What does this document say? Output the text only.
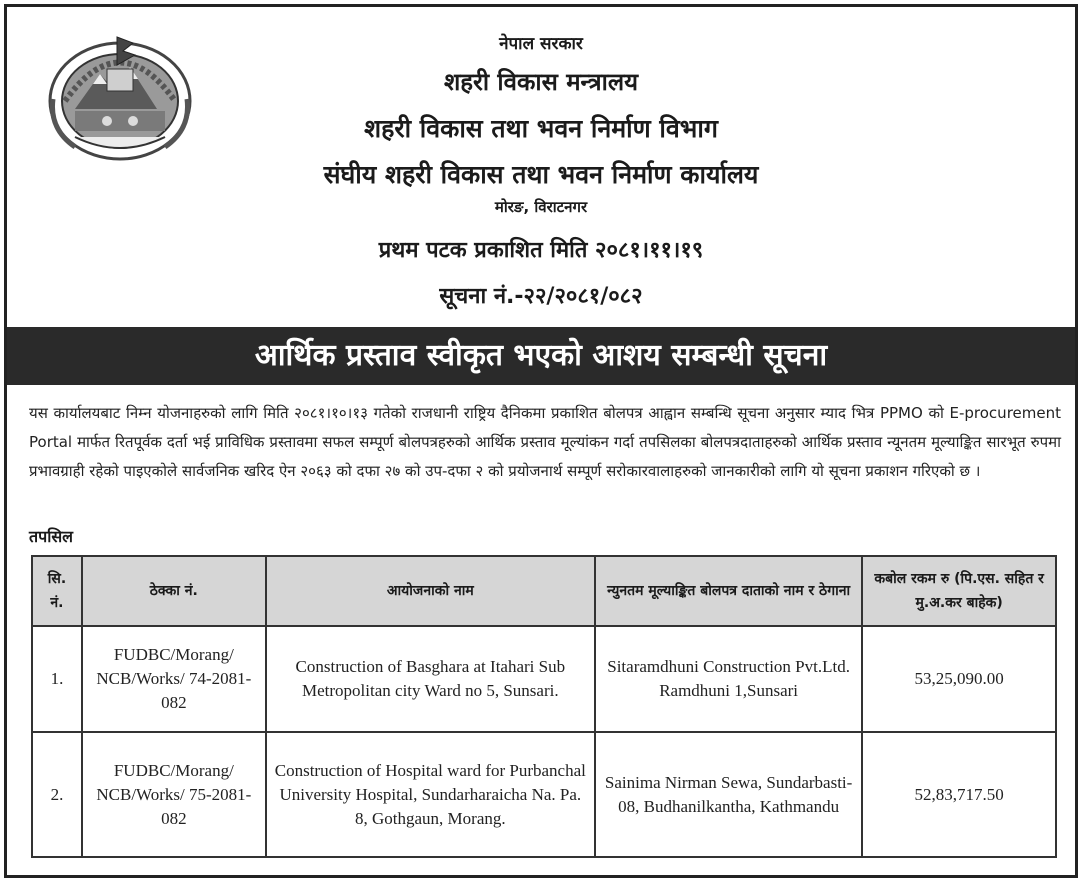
नेपाल सरकार
शहरी विकास मन्त्रालय
शहरी विकास तथा भवन निर्माण विभाग
संघीय शहरी विकास तथा भवन निर्माण कार्यालय
मोरङ, विराटनगर
प्रथम पटक प्रकाशित मिति २०८१।११।१९
सूचना नं.-२२/२०८१/०८२
आर्थिक प्रस्ताव स्वीकृत भएको आशय सम्बन्धी सूचना
यस कार्यालयबाट निम्न योजनाहरुको लागि मिति २०८१।१०।१३ गतेको राजधानी राष्ट्रिय दैनिकमा प्रकाशित बोलपत्र आह्वान सम्बन्धि सूचना अनुसार म्याद भित्र PPMO को E-procurement Portal मार्फत रितपूर्वक दर्ता भई प्राविधिक प्रस्तावमा सफल सम्पूर्ण बोलपत्रहरुको आर्थिक प्रस्ताव मूल्यांकन गर्दा तपसिलका बोलपत्रदाताहरुको आर्थिक प्रस्ताव न्यूनतम मूल्याङ्कित सारभूत रुपमा प्रभावग्राही रहेको पाइएकोले सार्वजनिक खरिद ऐन २०६३ को दफा २७ को उप-दफा २ को प्रयोजनार्थ सम्पूर्ण सरोकारवालाहरुको जानकारीको लागि यो सूचना प्रकाशन गरिएको छ ।
तपसिल
सि. नं.	ठेक्का नं.	आयोजनाको नाम	न्युनतम मूल्याङ्कित बोलपत्र दाताको नाम र ठेगाना	कबोल रकम रु (पि.एस. सहित र मु.अ.कर बाहेक)
1.	FUDBC/Morang/ NCB/Works/ 74-2081-082	Construction of Basghara at Itahari Sub Metropolitan city Ward no 5, Sunsari.	Sitaramdhuni Construction Pvt.Ltd. Ramdhuni 1,Sunsari	53,25,090.00
2.	FUDBC/Morang/ NCB/Works/ 75-2081-082	Construction of Hospital ward for Purbanchal University Hospital, Sundarharaicha Na. Pa. 8, Gothgaun, Morang.	Sainima Nirman Sewa, Sundarbasti-08, Budhanilkantha, Kathmandu	52,83,717.50
